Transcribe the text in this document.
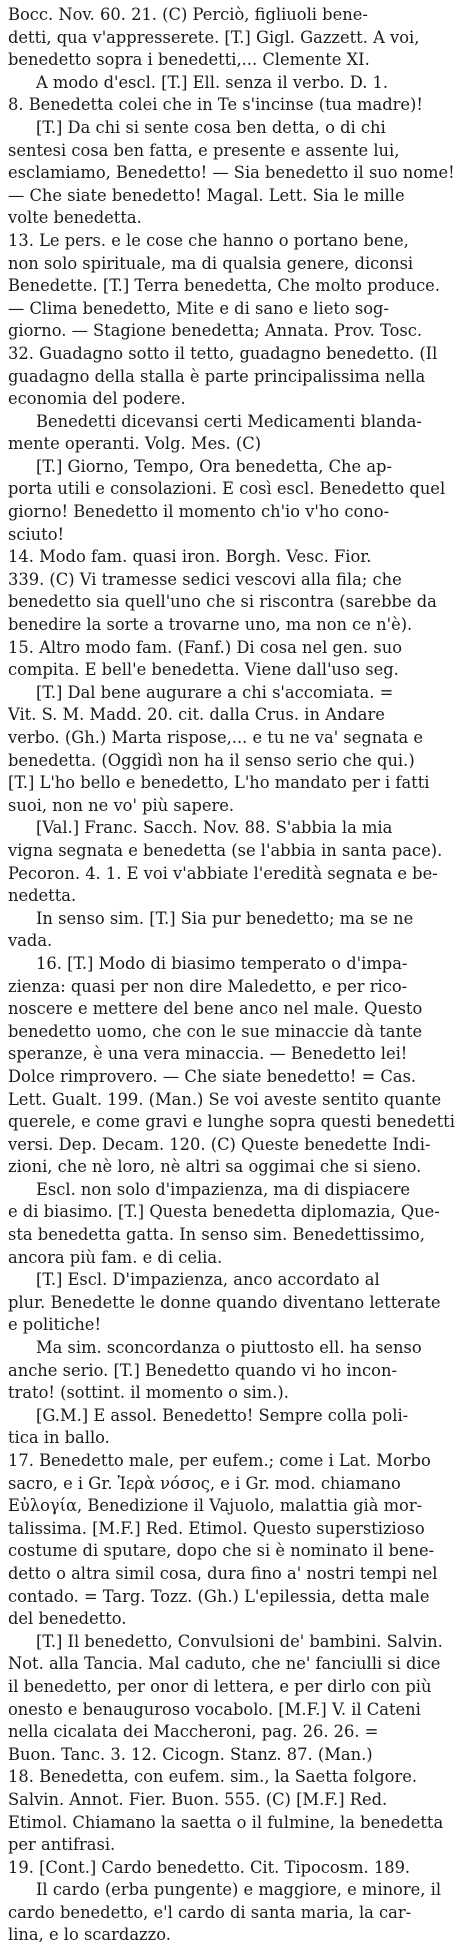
Bocc. Nov. 60. 21. (C) Perciò, figliuoli bene-
detti, qua v'appresserete. [T.] Gigl. Gazzett. A voi,
benedetto sopra i benedetti,... Clemente XI.
A modo d'escl. [T.] Ell. senza il verbo. D. 1.
8. Benedetta colei che in Te s'incinse (tua madre)!
[T.] Da chi si sente cosa ben detta, o di chi
sentesi cosa ben fatta, e presente e assente lui,
esclamiamo, Benedetto! — Sia benedetto il suo nome!
— Che siate benedetto! Magal. Lett. Sia le mille
volte benedetta.
13. Le pers. e le cose che hanno o portano bene,
non solo spirituale, ma di qualsia genere, diconsi
Benedette. [T.] Terra benedetta, Che molto produce.
— Clima benedetto, Mite e di sano e lieto sog-
giorno. — Stagione benedetta; Annata. Prov. Tosc.
32. Guadagno sotto il tetto, guadagno benedetto. (Il
guadagno della stalla è parte principalissima nella
economia del podere.
Benedetti dicevansi certi Medicamenti blanda-
mente operanti. Volg. Mes. (C)
[T.] Giorno, Tempo, Ora benedetta, Che ap-
porta utili e consolazioni. E così escl. Benedetto quel
giorno! Benedetto il momento ch'io v'ho cono-
sciuto!
14. Modo fam. quasi iron. Borgh. Vesc. Fior.
339. (C) Vi tramesse sedici vescovi alla fila; che
benedetto sia quell'uno che si riscontra (sarebbe da
benedire la sorte a trovarne uno, ma non ce n'è).
15. Altro modo fam. (Fanf.) Di cosa nel gen. suo
compita. E bell'e benedetta. Viene dall'uso seg.
[T.] Dal bene augurare a chi s'accomiata. =
Vit. S. M. Madd. 20. cit. dalla Crus. in Andare
verbo. (Gh.) Marta rispose,... e tu ne va' segnata e
benedetta. (Oggidì non ha il senso serio che qui.)
[T.] L'ho bello e benedetto, L'ho mandato per i fatti
suoi, non ne vo' più sapere.
[Val.] Franc. Sacch. Nov. 88. S'abbia la mia
vigna segnata e benedetta (se l'abbia in santa pace).
Pecoron. 4. 1. E voi v'abbiate l'eredità segnata e be-
nedetta.
In senso sim. [T.] Sia pur benedetto; ma se ne
vada.
16. [T.] Modo di biasimo temperato o d'impa-
zienza: quasi per non dire Maledetto, e per rico-
noscere e mettere del bene anco nel male. Questo
benedetto uomo, che con le sue minaccie dà tante
speranze, è una vera minaccia. — Benedetto lei!
Dolce rimprovero. — Che siate benedetto! = Cas.
Lett. Gualt. 199. (Man.) Se voi aveste sentito quante
querele, e come gravi e lunghe sopra questi benedetti
versi. Dep. Decam. 120. (C) Queste benedette Indi-
zioni, che nè loro, nè altri sa oggimai che si sieno.
Escl. non solo d'impazienza, ma di dispiacere
e di biasimo. [T.] Questa benedetta diplomazia, Que-
sta benedetta gatta. In senso sim. Benedettissimo,
ancora più fam. e di celia.
[T.] Escl. D'impazienza, anco accordato al
plur. Benedette le donne quando diventano letterate
e politiche!
Ma sim. sconcordanza o piuttosto ell. ha senso
anche serio. [T.] Benedetto quando vi ho incon-
trato! (sottint. il momento o sim.).
[G.M.] E assol. Benedetto! Sempre colla poli-
tica in ballo.
17. Benedetto male, per eufem.; come i Lat. Morbo
sacro, e i Gr. Ἱερὰ νόσος, e i Gr. mod. chiamano
Εὐλογία, Benedizione il Vajuolo, malattia già mor-
talissima. [M.F.] Red. Etimol. Questo superstizioso
costume di sputare, dopo che si è nominato il bene-
detto o altra simil cosa, dura fino a' nostri tempi nel
contado. = Targ. Tozz. (Gh.) L'epilessia, detta male
del benedetto.
[T.] Il benedetto, Convulsioni de' bambini. Salvin.
Not. alla Tancia. Mal caduto, che ne' fanciulli si dice
il benedetto, per onor di lettera, e per dirlo con più
onesto e benauguroso vocabolo. [M.F.] V. il Cateni
nella cicalata dei Maccheroni, pag. 26. 26. =
Buon. Tanc. 3. 12. Cicogn. Stanz. 87. (Man.)
18. Benedetta, con eufem. sim., la Saetta folgore.
Salvin. Annot. Fier. Buon. 555. (C) [M.F.] Red.
Etimol. Chiamano la saetta o il fulmine, la benedetta
per antifrasi.
19. [Cont.] Cardo benedetto. Cit. Tipocosm. 189.
Il cardo (erba pungente) e maggiore, e minore, il
cardo benedetto, e'l cardo di santa maria, la car-
lina, e lo scardazzo.
